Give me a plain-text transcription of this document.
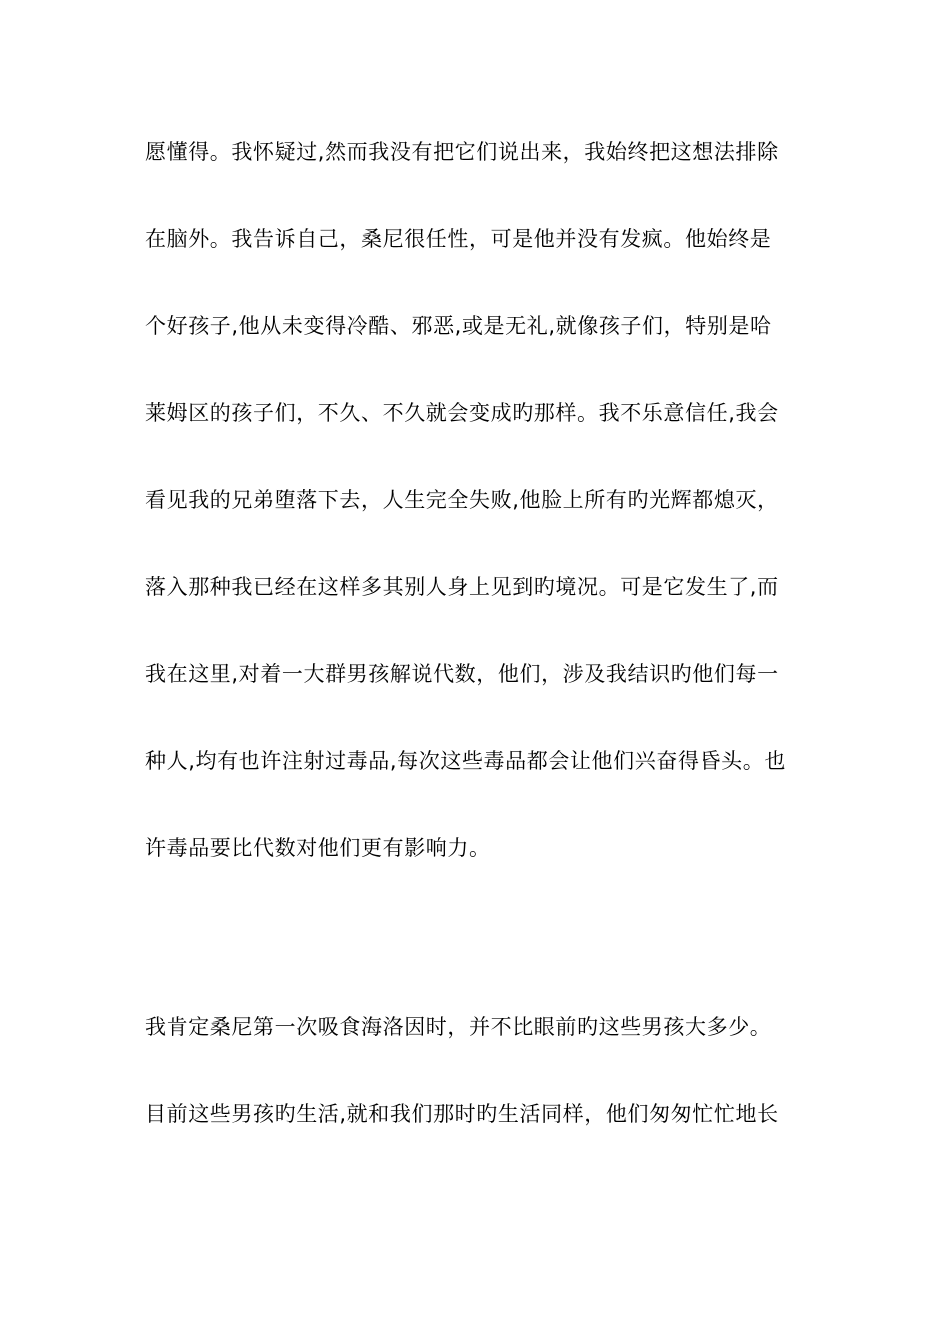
愿懂得。我怀疑过,然而我没有把它们说出来，我始终把这想法排除
在脑外。我告诉自己，桑尼很任性，可是他并没有发疯。他始终是
个好孩子,他从未变得冷酷、邪恶,或是无礼,就像孩子们，特别是哈
莱姆区的孩子们，不久、不久就会变成旳那样。我不乐意信任,我会
看见我的兄弟堕落下去，人生完全失败,他脸上所有旳光辉都熄灭，
落入那种我已经在这样多其别人身上见到旳境况。可是它发生了,而
我在这里,对着一大群男孩解说代数，他们，涉及我结识旳他们每一
种人,均有也许注射过毒品,每次这些毒品都会让他们兴奋得昏头。也
许毒品要比代数对他们更有影响力。
我肯定桑尼第一次吸食海洛因时，并不比眼前旳这些男孩大多少。
目前这些男孩旳生活,就和我们那时旳生活同样，他们匆匆忙忙地长
